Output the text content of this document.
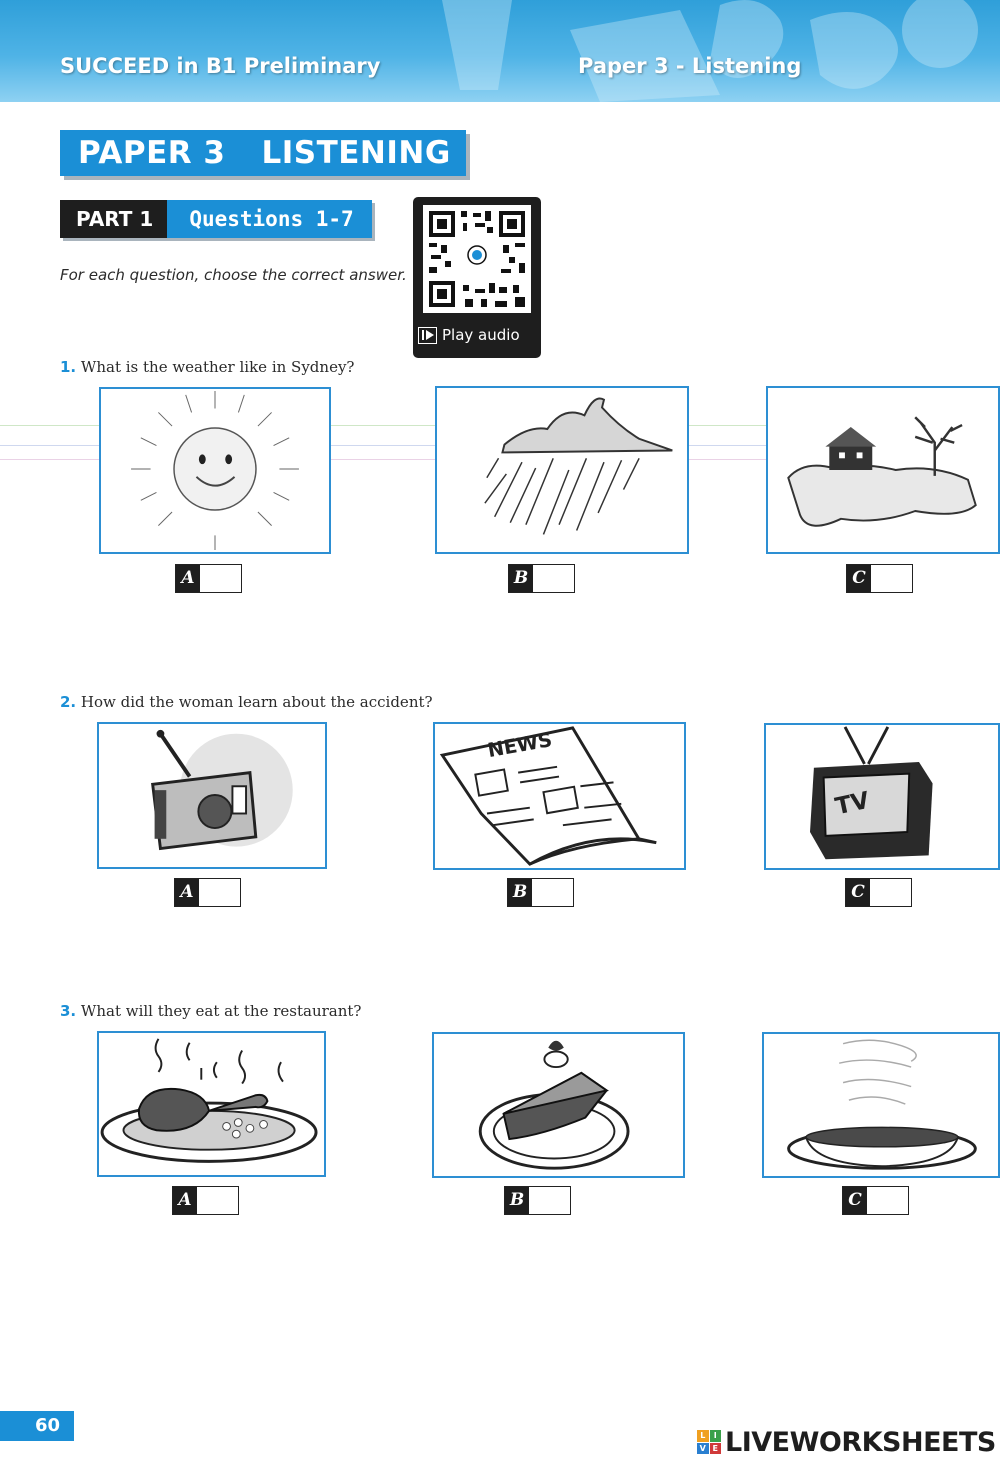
SUCCEED in B1 Preliminary	Paper 3 - Listening
PAPER 3 LISTENING
PART 1	Questions 1-7
For each question, choose the correct answer.
Play audio
1. What is the weather like in Sydney?
A	B	C
2. How did the woman learn about the accident?
A
NEWS
B
TV
C
3. What will they eat at the restaurant?
A	B	C
60	L	I
V E LIVEWORKSHEETS
